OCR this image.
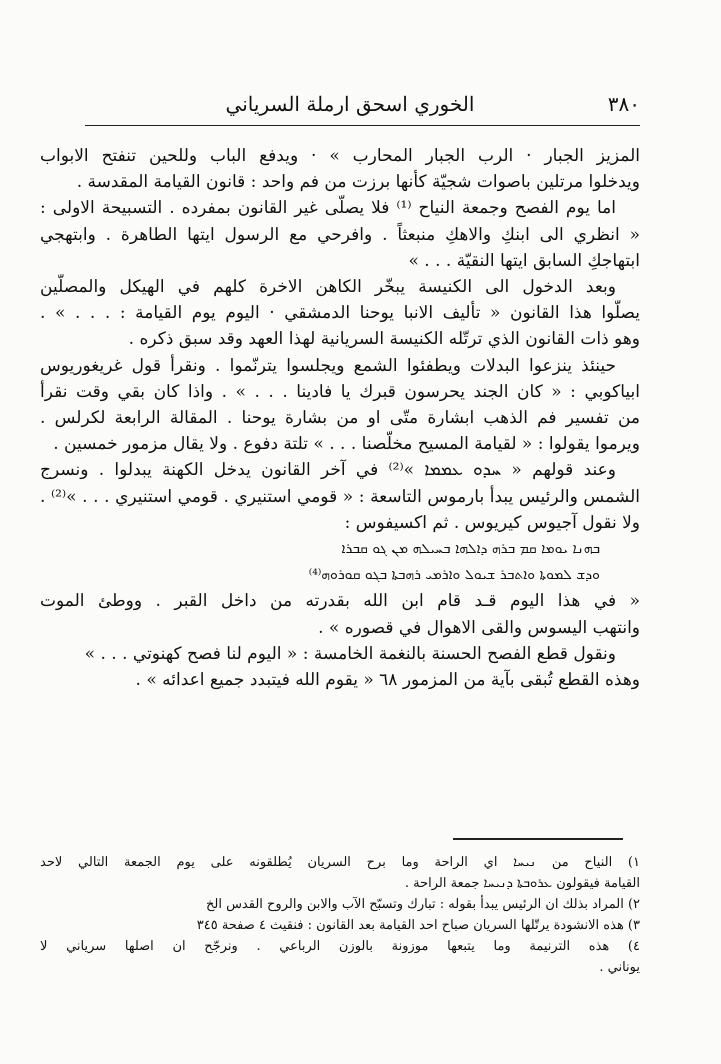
٣٨٠
الخوري اسحق ارملة السرياني
المزيز الجبار · الرب الجبار المحارب » · ويدفع الباب وللحين تنفتح الابواب
ويدخلوا مرتلين باصوات شجيّة كأنها برزت من فم واحد : قانون القيامة المقدسة .
اما يوم الفصح وجمعة النياح ⁽¹⁾ فلا يصلّى غير القانون بمفرده . التسبيحة الاولى :
« انظري الى ابنكِ والاهكِ منبعثاً . وافرحي مع الرسول ايتها الطاهرة . وابتهجي
ابتهاجكِ السابق ايتها النقيّة . . . »
وبعد الدخول الى الكنيسة يبخّر الكاهن الاخرة كلهم في الهيكل والمصلّين
يصلّوا هذا القانون « تأليف الانبا يوحنا الدمشقي · اليوم يوم القيامة : . . . » .
وهو ذات القانون الذي ترتّله الكنيسة السريانية لهذا العهد وقد سبق ذكره .
حينئذ ينزعوا البدلات ويطفئوا الشمع ويجلسوا يترنّموا . ونقرأ قول غريغوريوس
ابياكوبي : « كان الجند يحرسون قبرك يا فادينا . . . » . واذا كان بقي وقت نقرأ
من تفسير فم الذهب ابشارة متّى او من بشارة يوحنا . المقالة الرابعة لكرلس .
ويرموا يقولوا : « لقيامة المسيح مخلّصنا . . . » تلتة دفوع . ولا يقال مزمور خمسين .
وعند قولهم « ܚܕܘ ܥܡܡܐ »⁽²⁾ في آخر القانون يدخل الكهنة يبدلوا . ونسرج
الشمس والرئيس يبدأ بارموس التاسعة : « قومي استنيري . قومي استنيري . . . »⁽²⁾ .
ولا نقول آجيوس كيريوس . ثم اكسيفوس :
ܒܗܢܐ ܝܘܡܐ ܩܡ ܒܪܗ ܕܐܠܗܐ ܒܚܝܠܗ ܡܢ ܓܘ ܩܒܪܐ
ܘܕܫ ܠܡܘܬܐ ܘܐܬܒܪ ܫܝܘܠ ܘܐܪܡܝ ܪܗܒܬܐ ܒܓܘ ܩܘܪܘܗ⁽⁴⁾
« في هذا اليوم قـد قام ابن الله بقدرته من داخل القبر . ووطئ الموت
وانتهب اليسوس والقى الاهوال في قصوره » .
ونقول قطع الفصح الحسنة بالنغمة الخامسة : « اليوم لنا فصح كهنوتي . . . »
وهذه القطع تُبقى بآية من المزمور ٦٨ « يقوم الله فيتبدد جميع اعدائه » .
١) النياح من ܢܝܚܐ اي الراحة وما برح السريان يُطلقونه على يوم الجمعة التالي لاحد
القيامة فيقولون ܥܪܘܒܬܐ ܕܢܝܚܐ جمعة الراحة .
٢) المراد بذلك ان الرئيس يبدأ بقوله : تبارك وتسبّح الآب والابن والروح القدس الخ
٣) هذه الانشودة يرتّلها السريان صباح احد القيامة بعد القانون : فنقيث ٤ صفحة ٣٤٥
٤) هذه الترنيمة وما يتبعها موزونة بالوزن الرباعي . ونرجّح ان اصلها سرياني لا
يوناني .
